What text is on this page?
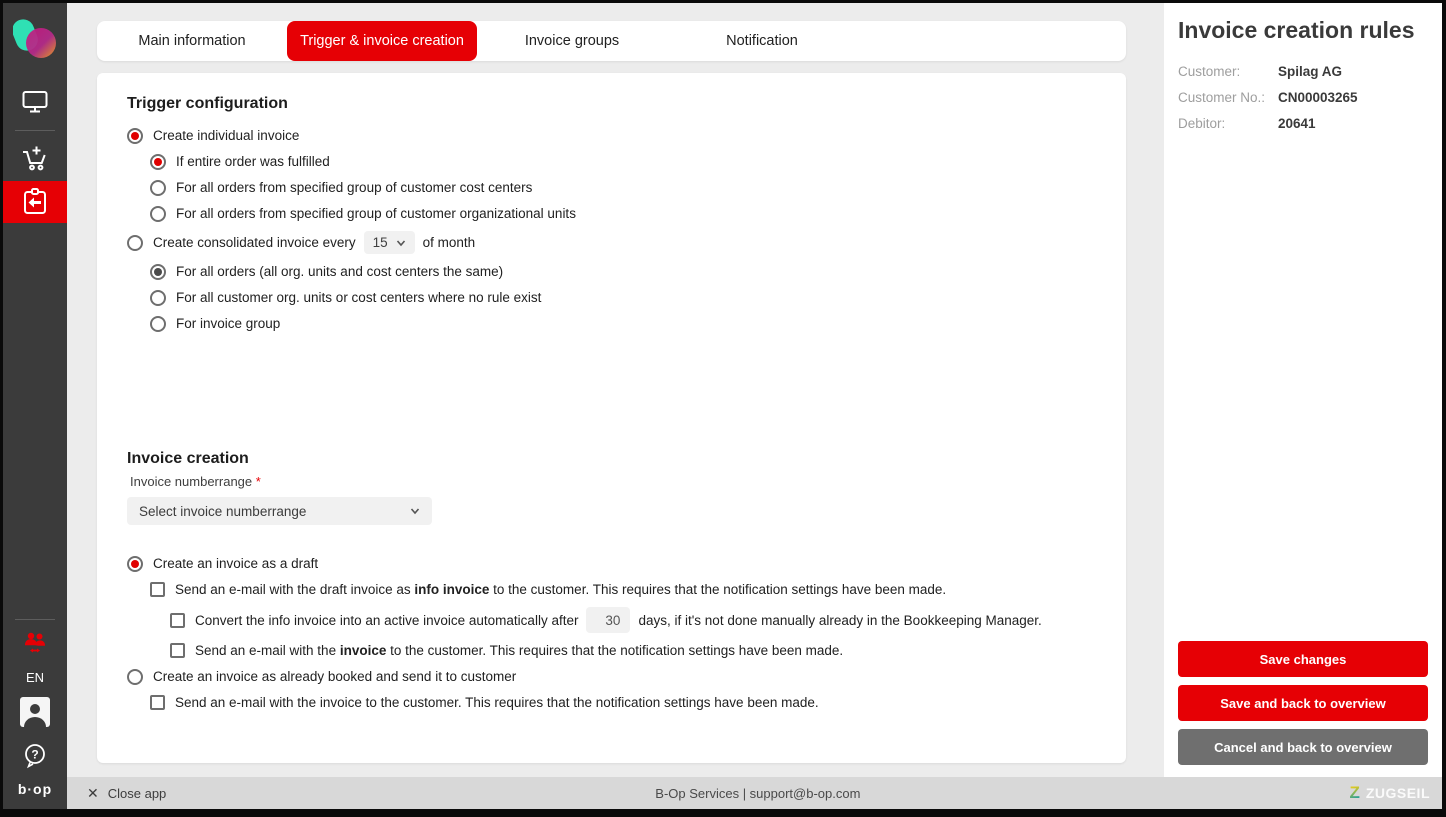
EN
?
b·op
Main information	Trigger & invoice creation	Invoice groups	Notification
Trigger configuration
Create individual invoice
If entire order was fulfilled
For all orders from specified group of customer cost centers
For all orders from specified group of customer organizational units
Create consolidated invoice every 15	of month
For all orders (all org. units and cost centers the same)
For all customer org. units or cost centers where no rule exist
For invoice group
Invoice creation
Invoice numberrange *
Select invoice numberrange
Create an invoice as a draft
Send an e-mail with the draft invoice as info invoice to the customer. This requires that the notification settings have been made.
Convert the info invoice into an active invoice automatically after
30	days, if it's not done manually already in the Bookkeeping Manager.
Send an e-mail with the invoice to the customer. This requires that the notification settings have been made.
Create an invoice as already booked and send it to customer
Send an e-mail with the invoice to the customer. This requires that the notification settings have been made.
Invoice creation rules
Customer:	Spilag AG
Customer No.: CN00003265
Debitor:	20641
Save changes
Save and back to overview
Cancel and back to overview
✕ Close app	B-Op Services | support@b-op.com	Z ZUGSEIL
